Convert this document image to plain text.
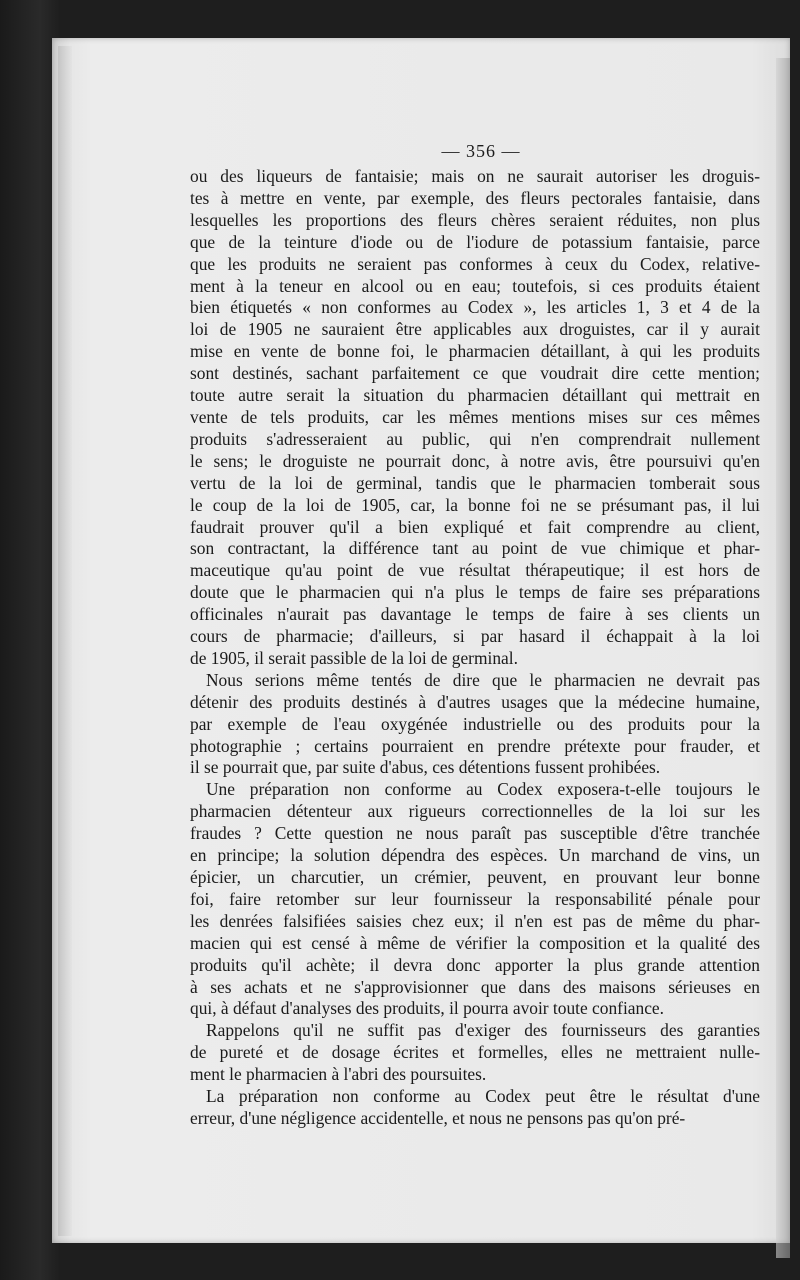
— 356 —
ou des liqueurs de fantaisie; mais on ne saurait autoriser les droguis-
tes à mettre en vente, par exemple, des fleurs pectorales fantaisie, dans
lesquelles les proportions des fleurs chères seraient réduites, non plus
que de la teinture d'iode ou de l'iodure de potassium fantaisie, parce
que les produits ne seraient pas conformes à ceux du Codex, relative-
ment à la teneur en alcool ou en eau; toutefois, si ces produits étaient
bien étiquetés « non conformes au Codex », les articles 1, 3 et 4 de la
loi de 1905 ne sauraient être applicables aux droguistes, car il y aurait
mise en vente de bonne foi, le pharmacien détaillant, à qui les produits
sont destinés, sachant parfaitement ce que voudrait dire cette mention;
toute autre serait la situation du pharmacien détaillant qui mettrait en
vente de tels produits, car les mêmes mentions mises sur ces mêmes
produits s'adresseraient au public, qui n'en comprendrait nullement
le sens; le droguiste ne pourrait donc, à notre avis, être poursuivi qu'en
vertu de la loi de germinal, tandis que le pharmacien tomberait sous
le coup de la loi de 1905, car, la bonne foi ne se présumant pas, il lui
faudrait prouver qu'il a bien expliqué et fait comprendre au client,
son contractant, la différence tant au point de vue chimique et phar-
maceutique qu'au point de vue résultat thérapeutique; il est hors de
doute que le pharmacien qui n'a plus le temps de faire ses préparations
officinales n'aurait pas davantage le temps de faire à ses clients un
cours de pharmacie; d'ailleurs, si par hasard il échappait à la loi
de 1905, il serait passible de la loi de germinal.
Nous serions même tentés de dire que le pharmacien ne devrait pas
détenir des produits destinés à d'autres usages que la médecine humaine,
par exemple de l'eau oxygénée industrielle ou des produits pour la
photographie ; certains pourraient en prendre prétexte pour frauder, et
il se pourrait que, par suite d'abus, ces détentions fussent prohibées.
Une préparation non conforme au Codex exposera-t-elle toujours le
pharmacien détenteur aux rigueurs correctionnelles de la loi sur les
fraudes ? Cette question ne nous paraît pas susceptible d'être tranchée
en principe; la solution dépendra des espèces. Un marchand de vins, un
épicier, un charcutier, un crémier, peuvent, en prouvant leur bonne
foi, faire retomber sur leur fournisseur la responsabilité pénale pour
les denrées falsifiées saisies chez eux; il n'en est pas de même du phar-
macien qui est censé à même de vérifier la composition et la qualité des
produits qu'il achète; il devra donc apporter la plus grande attention
à ses achats et ne s'approvisionner que dans des maisons sérieuses en
qui, à défaut d'analyses des produits, il pourra avoir toute confiance.
Rappelons qu'il ne suffit pas d'exiger des fournisseurs des garanties
de pureté et de dosage écrites et formelles, elles ne mettraient nulle-
ment le pharmacien à l'abri des poursuites.
La préparation non conforme au Codex peut être le résultat d'une
erreur, d'une négligence accidentelle, et nous ne pensons pas qu'on pré-
